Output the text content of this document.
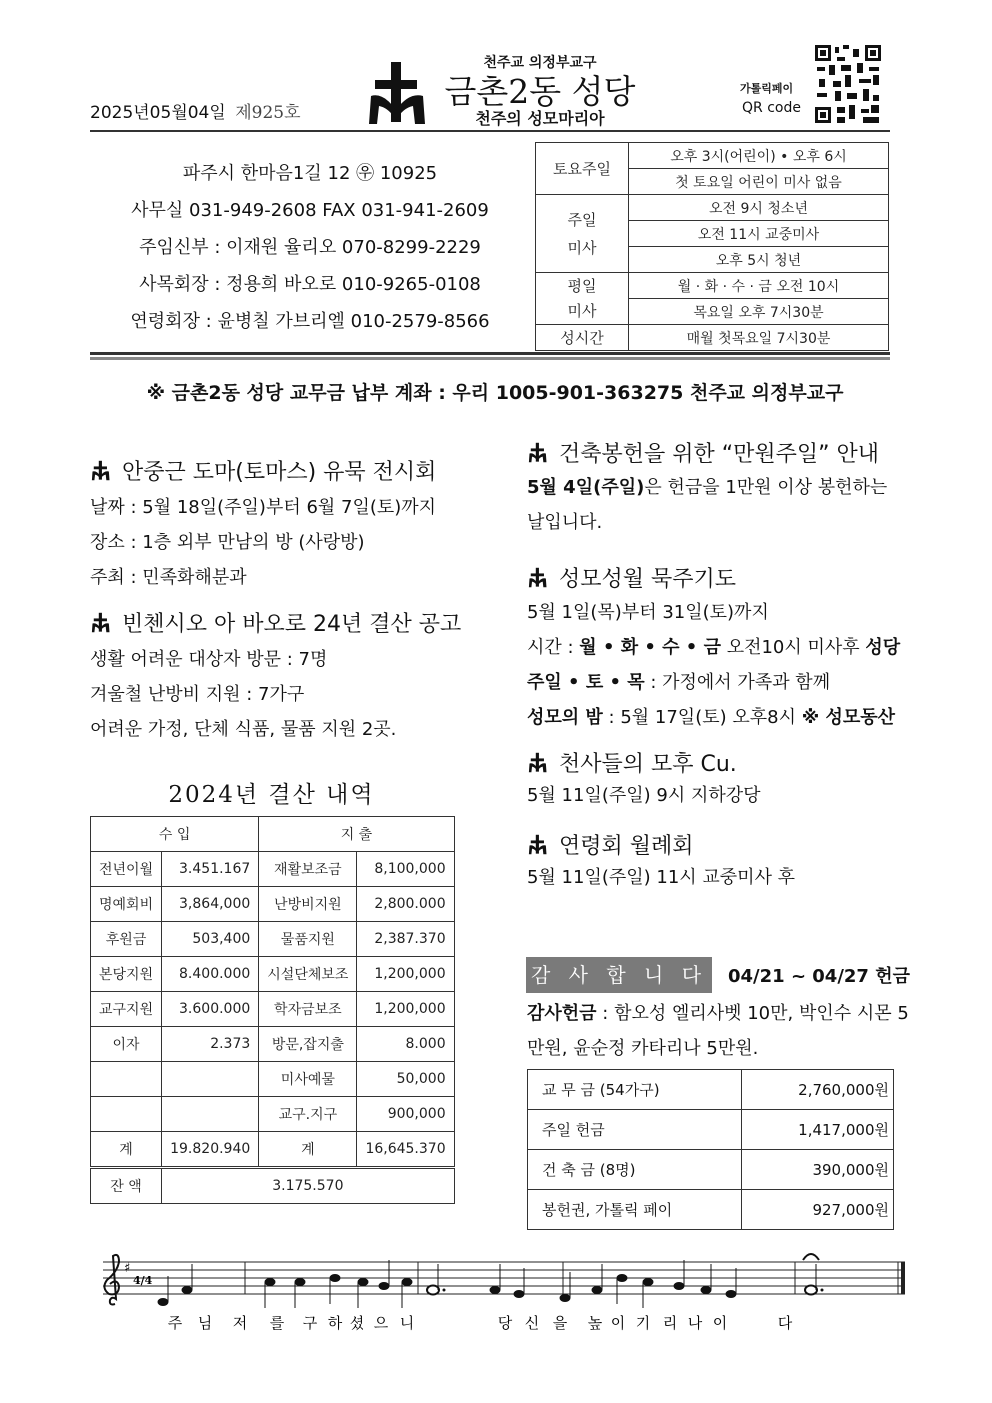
2025년05월04일 제925호
천주교 의정부교구
금촌2동 성당
천주의 성모마리아
가톨릭페이
QR code
파주시 한마음1길 12 ㉾ 10925
사무실 031-949-2608 FAX 031-941-2609
주임신부 : 이재원 율리오 070-8299-2229
사목회장 : 정용희 바오로 010-9265-0108
연령회장 : 윤병칠 가브리엘 010-2579-8566
토요주일	오후 3시(어린이) • 오후 6시
	첫 토요일 어린이 미사 없음
주일
미사	오전 9시 청소년
	오전 11시 교중미사
	오후 5시 청년
평일
미사	월 · 화 · 수 · 금 오전 10시
	목요일 오후 7시30분
성시간	매월 첫목요일 7시30분
※ 금촌2동 성당 교무금 납부 계좌 : 우리 1005-901-363275 천주교 의정부교구
안중근 도마(토마스) 유묵 전시회
날짜 : 5월 18일(주일)부터 6월 7일(토)까지
장소 : 1층 외부 만남의 방 (사랑방)
주최 : 민족화해분과
빈첸시오 아 바오로 24년 결산 공고
생활 어려운 대상자 방문 : 7명
겨울철 난방비 지원 : 7가구
어려운 가정, 단체 식품, 물품 지원 2곳.
2024년 결산 내역
수 입		지 출	
전년이월	3.451.167	재활보조금	8,100,000
명예회비	3,864,000	난방비지원	2,800.000
후원금	503,400	물품지원	2,387.370
본당지원	8.400.000	시설단체보조	1,200,000
교구지원	3.600.000	학자금보조	1,200,000
이자	2.373	방문,잡지출	8.000
		미사예물	50,000
		교구.지구	900,000
계	19.820.940	계	16,645.370
잔 액	3.175.570		
건축봉헌을 위한 “만원주일” 안내
5월 4일(주일)은 헌금을 1만원 이상 봉헌하는
날입니다.
성모성월 묵주기도
5월 1일(목)부터 31일(토)까지
시간 : 월 • 화 • 수 • 금 오전10시 미사후 성당
주일 • 토 • 목 : 가정에서 가족과 함께
성모의 밤 : 5월 17일(토) 오후8시 ※ 성모동산
천사들의 모후 Cu.
5월 11일(주일) 9시 지하강당
연령회 월례회
5월 11일(주일) 11시 교중미사 후
감 사 합 니 다 04/21 ~ 04/27 헌금
감사헌금 : 함오성 엘리사벳 10만, 박인수 시몬 5
만원, 윤순정 카타리나 5만원.
교 무 금 (54가구)	2,760,000원
주일 헌금	1,417,000원
건 축 금 (8명)	390,000원
봉헌권, 가톨릭 페이	927,000원
♯
4/4
주 님 저 를 구 하 셨 으 니	당 신 을 높 이 기 리 나 이	다
